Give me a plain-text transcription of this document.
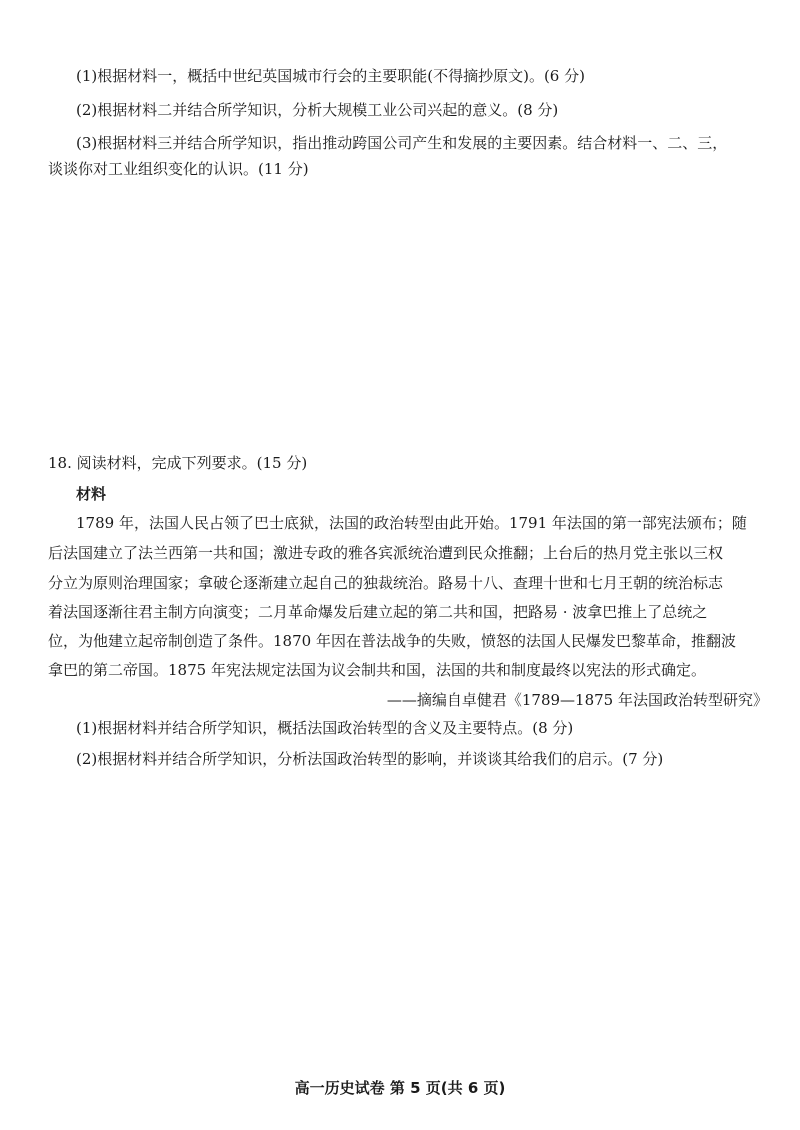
(1)根据材料一，概括中世纪英国城市行会的主要职能(不得摘抄原文)。(6 分)
(2)根据材料二并结合所学知识，分析大规模工业公司兴起的意义。(8 分)
(3)根据材料三并结合所学知识，指出推动跨国公司产生和发展的主要因素。结合材料一、二、三，
谈谈你对工业组织变化的认识。(11 分)
18. 阅读材料，完成下列要求。(15 分)
材料
1789 年，法国人民占领了巴士底狱，法国的政治转型由此开始。1791 年法国的第一部宪法颁布；随
后法国建立了法兰西第一共和国；激进专政的雅各宾派统治遭到民众推翻；上台后的热月党主张以三权
分立为原则治理国家；拿破仑逐渐建立起自己的独裁统治。路易十八、查理十世和七月王朝的统治标志
着法国逐渐往君主制方向演变；二月革命爆发后建立起的第二共和国，把路易 · 波拿巴推上了总统之
位，为他建立起帝制创造了条件。1870 年因在普法战争的失败，愤怒的法国人民爆发巴黎革命，推翻波
拿巴的第二帝国。1875 年宪法规定法国为议会制共和国，法国的共和制度最终以宪法的形式确定。
——摘编自卓健君《1789—1875 年法国政治转型研究》
(1)根据材料并结合所学知识，概括法国政治转型的含义及主要特点。(8 分)
(2)根据材料并结合所学知识，分析法国政治转型的影响，并谈谈其给我们的启示。(7 分)
高一历史试卷 第 5 页(共 6 页)
